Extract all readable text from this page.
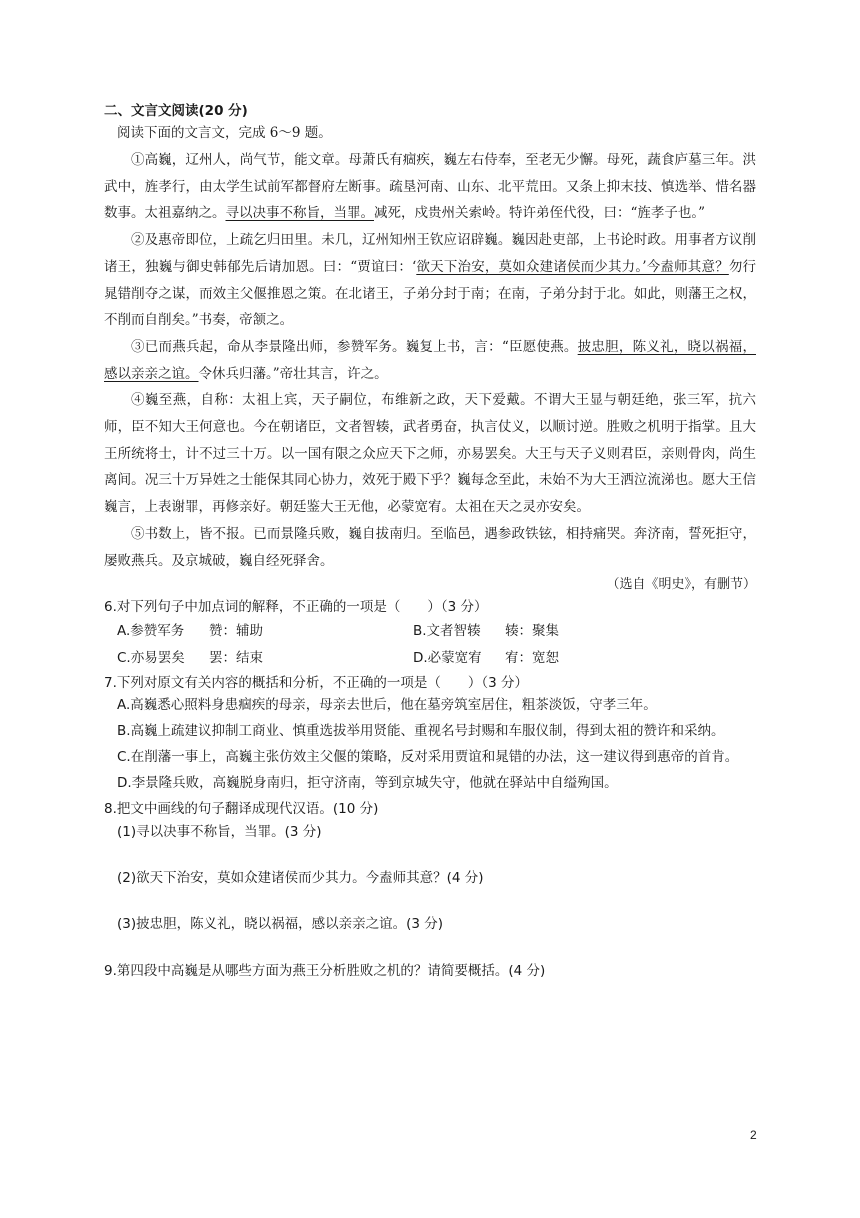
二、文言文阅读(20 分)

阅读下面的文言文，完成 6～9 题。

①高巍，辽州人，尚气节，能文章。母萧氏有痼疾，巍左右侍奉，至老无少懈。母死，蔬食庐墓三年。洪武中，旌孝行，由太学生试前军都督府左断事。疏垦河南、山东、北平荒田。又条上抑末技、慎选举、惜名器数事。太祖嘉纳之。寻以决事不称旨，当罪。减死，戍贵州关索岭。特许弟侄代役，曰：“旌孝子也。”

②及惠帝即位，上疏乞归田里。未几，辽州知州王钦应诏辟巍。巍因赴吏部，上书论时政。用事者方议削诸王，独巍与御史韩郁先后请加恩。曰：“贾谊曰：‘欲天下治安，莫如众建诸侯而少其力。’今盍师其意？勿行晁错削夺之谋，而效主父偃推恩之策。在北诸王，子弟分封于南；在南，子弟分封于北。如此，则藩王之权，不削而自削矣。”书奏，帝颔之。

③已而燕兵起，命从李景隆出师，参赞军务。巍复上书，言：“臣愿使燕。披忠胆，陈义礼，晓以祸福，感以亲亲之谊。令休兵归藩。”帝壮其言，许之。

④巍至燕，自称：太祖上宾，天子嗣位，布维新之政，天下爱戴。不谓大王显与朝廷绝，张三军，抗六师，臣不知大王何意也。今在朝诸臣，文者智辏，武者勇奋，执言仗义，以顺讨逆。胜败之机明于指掌。且大王所统将士，计不过三十万。以一国有限之众应天下之师，亦易罢矣。大王与天子义则君臣，亲则骨肉，尚生离间。况三十万异姓之士能保其同心协力，效死于殿下乎？巍每念至此，未始不为大王洒泣流涕也。愿大王信巍言，上表谢罪，再修亲好。朝廷鉴大王无他，必蒙宽宥。太祖在天之灵亦安矣。

⑤书数上，皆不报。已而景隆兵败，巍自拔南归。至临邑，遇参政铁铉，相持痛哭。奔济南，誓死拒守，屡败燕兵。及京城破，巍自经死驿舍。

（选自《明史》，有删节）

6.对下列句子中加点词的解释，不正确的一项是（　　）（3 分）

A.参赞军务 赞：辅助	B.文者智辏 辏：聚集
C.亦易罢矣 罢：结束	D.必蒙宽宥 宥：宽恕

7.下列对原文有关内容的概括和分析，不正确的一项是（　　）（3 分）

A.高巍悉心照料身患痼疾的母亲，母亲去世后，他在墓旁筑室居住，粗茶淡饭，守孝三年。

B.高巍上疏建议抑制工商业、慎重选拔举用贤能、重视名号封赐和车服仪制，得到太祖的赞许和采纳。

C.在削藩一事上，高巍主张仿效主父偃的策略，反对采用贾谊和晁错的办法，这一建议得到惠帝的首肯。

D.李景隆兵败，高巍脱身南归，拒守济南，等到京城失守，他就在驿站中自缢殉国。

8.把文中画线的句子翻译成现代汉语。(10 分)

(1)寻以决事不称旨，当罪。(3 分)

(2)欲天下治安，莫如众建诸侯而少其力。今盍师其意？(4 分)

(3)披忠胆，陈义礼，晓以祸福，感以亲亲之谊。(3 分)

9.第四段中高巍是从哪些方面为燕王分析胜败之机的？请简要概括。(4 分)

2
